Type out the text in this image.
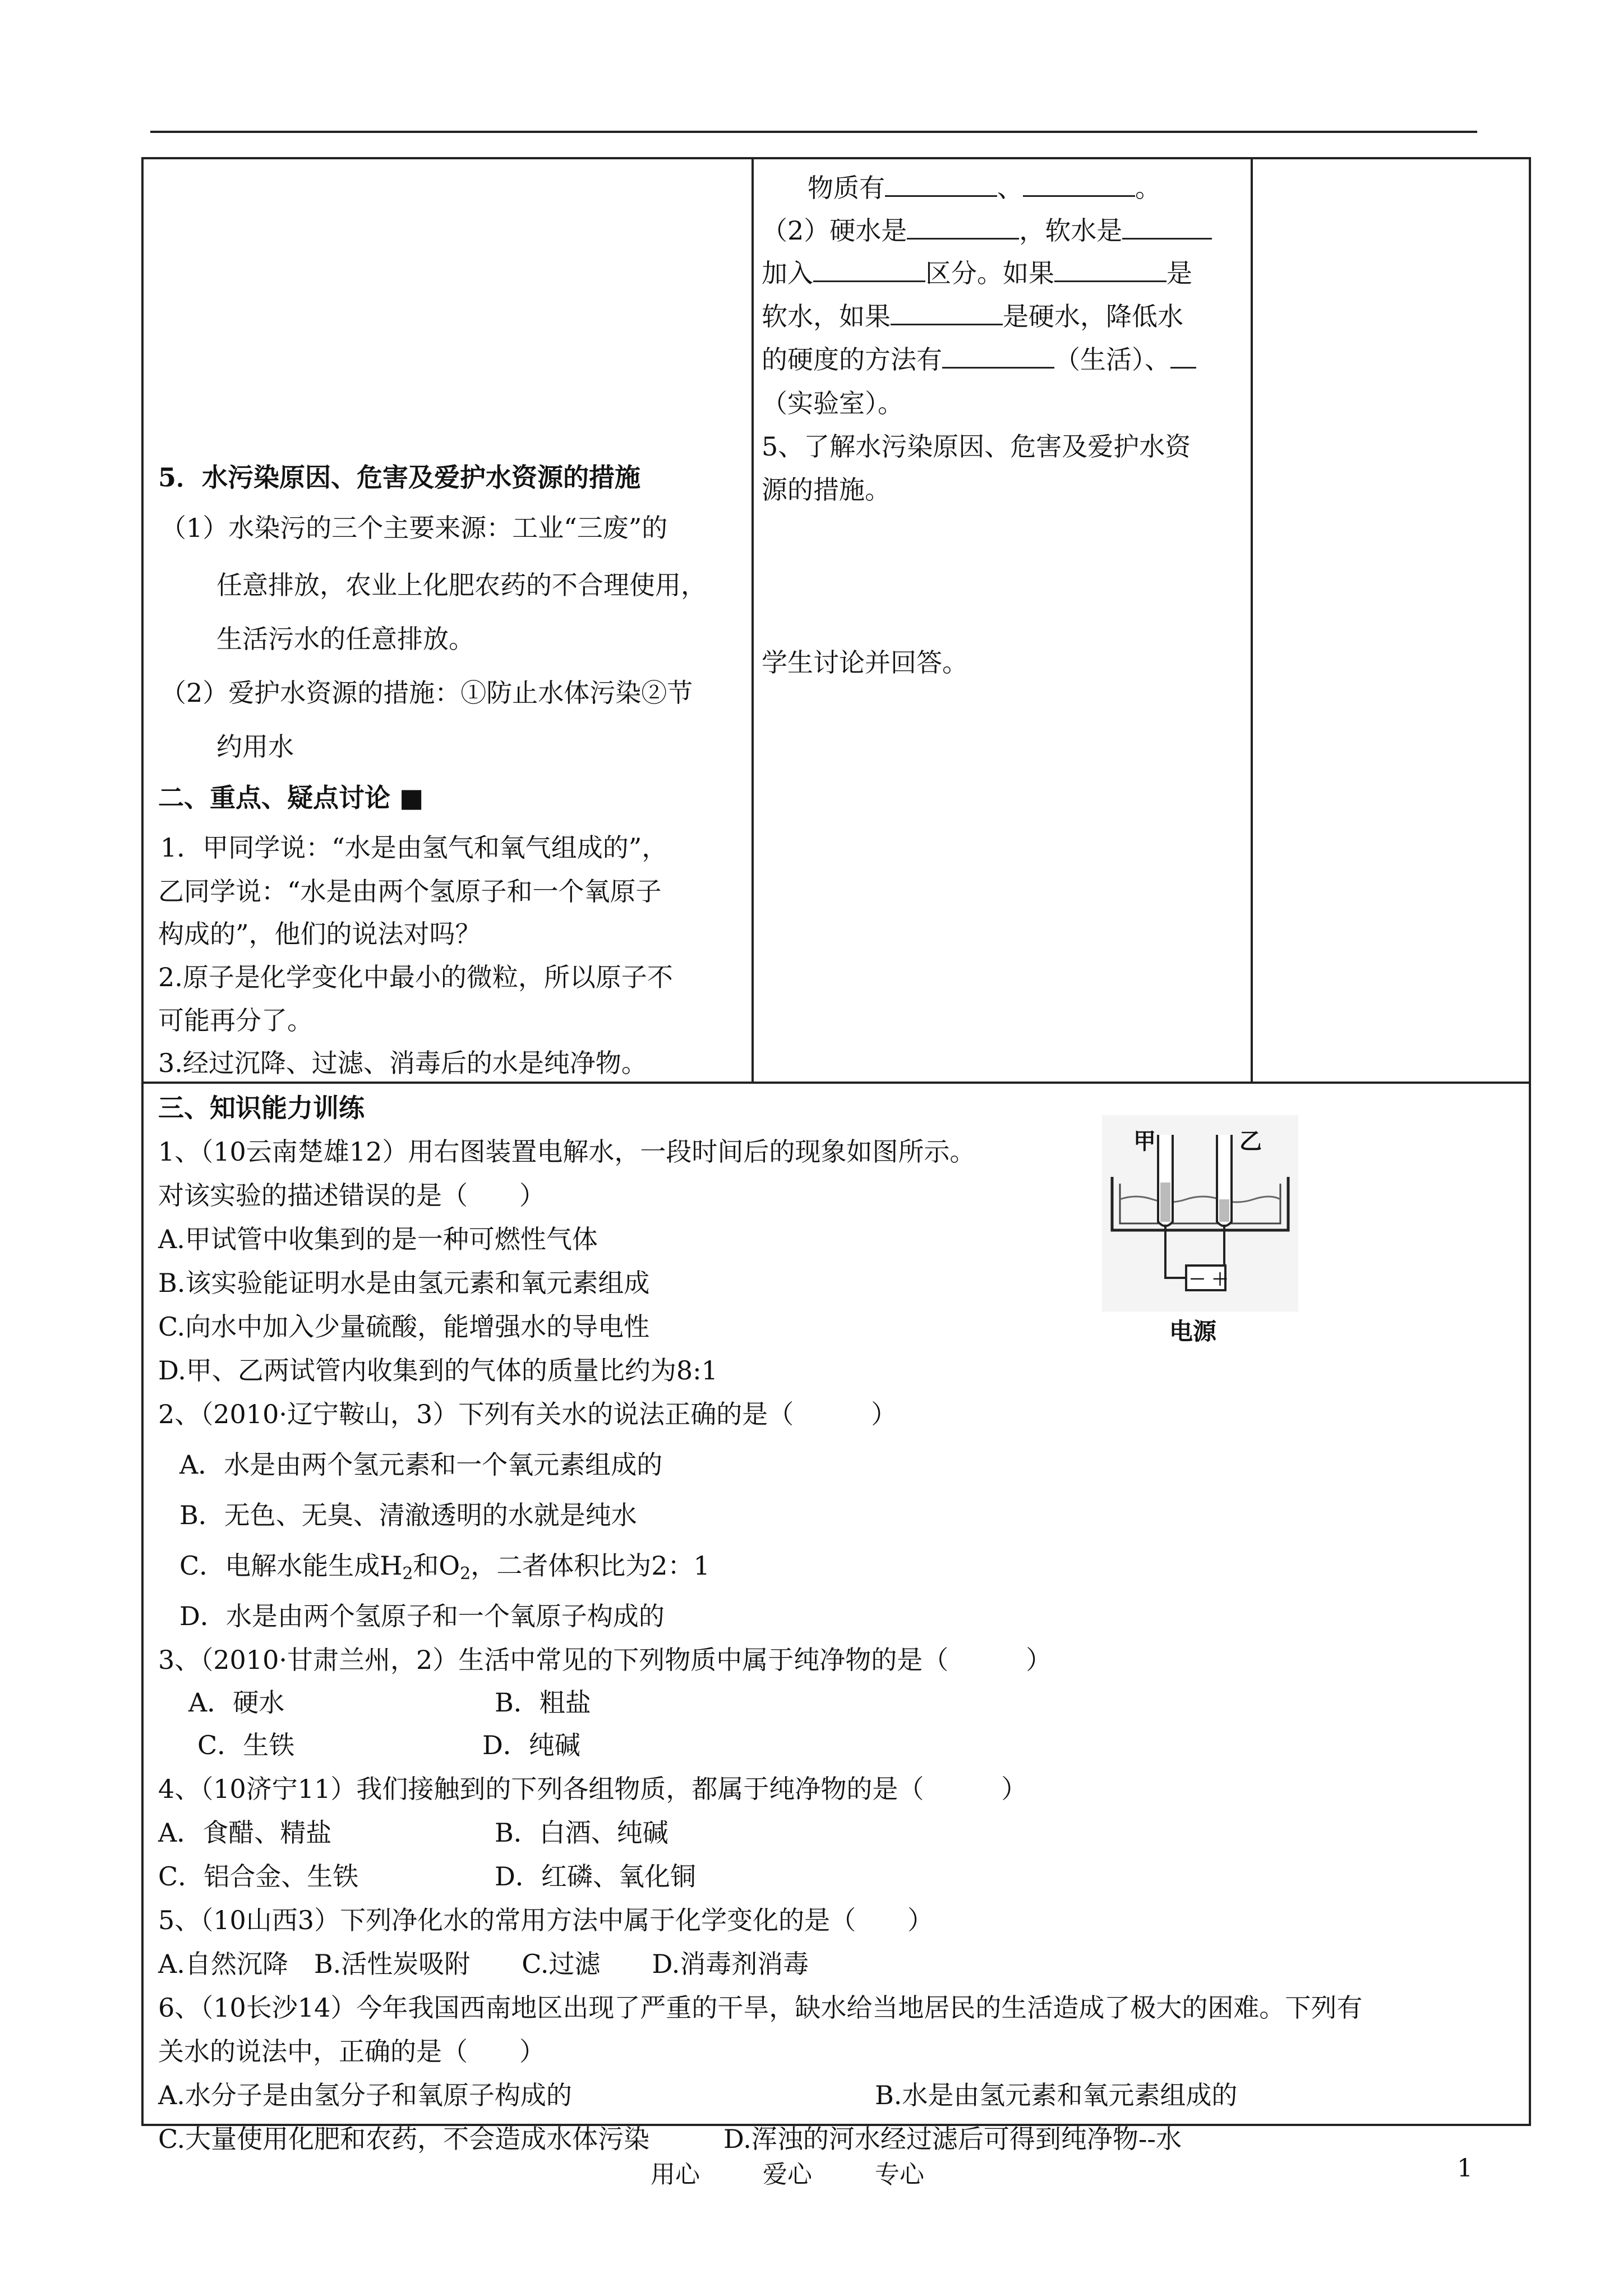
5．水污染原因、危害及爱护水资源的措施
（1）水染污的三个主要来源：工业“三废”的
任意排放，农业上化肥农药的不合理使用，
生活污水的任意排放。
（2）爱护水资源的措施：①防止水体污染②节
约用水
二、重点、疑点讨论 ■
1．甲同学说：“水是由氢气和氧气组成的”，
乙同学说：“水是由两个氢原子和一个氧原子
构成的”，他们的说法对吗？
2.原子是化学变化中最小的微粒，所以原子不
可能再分了。
3.经过沉降、过滤、消毒后的水是纯净物。
物质有	、	。
（2）硬水是	，软水是
加入	区分。如果	是
软水，如果	是硬水，降低水
的硬度的方法有	（生活）、
（实验室）。
5、了解水污染原因、危害及爱护水资
源的措施。
学生讨论并回答。
三、知识能力训练
1、（10云南楚雄12）用右图装置电解水，一段时间后的现象如图所示。
对该实验的描述错误的是（　　）
A.甲试管中收集到的是一种可燃性气体
B.该实验能证明水是由氢元素和氧元素组成
C.向水中加入少量硫酸，能增强水的导电性
D.甲、乙两试管内收集到的气体的质量比约为8:1
甲	乙
－ ＋
电源
2、（2010·辽宁鞍山，3）下列有关水的说法正确的是（　　　）
A．水是由两个氢元素和一个氧元素组成的
B．无色、无臭、清澈透明的水就是纯水
C．电解水能生成$H_2$和$O_2$，二者体积比为2：1
D．水是由两个氢原子和一个氧原子构成的
3、（2010·甘肃兰州，2）生活中常见的下列物质中属于纯净物的是（　　　）
A．硬水	B．粗盐
C．生铁	D．纯碱
4、（10济宁11）我们接触到的下列各组物质，都属于纯净物的是（　　　）
A．食醋、精盐	B．白酒、纯碱
C．铝合金、生铁	D．红磷、氧化铜
5、（10山西3）下列净化水的常用方法中属于化学变化的是（　　）
A.自然沉降　B.活性炭吸附　　C.过滤　　D.消毒剂消毒
6、（10长沙14）今年我国西南地区出现了严重的干旱，缺水给当地居民的生活造成了极大的困难。下列有
关水的说法中，正确的是（　　）
A.水分子是由氢分子和氧原子构成的	B.水是由氢元素和氧元素组成的
C.大量使用化肥和农药，不会造成水体污染	D.浑浊的河水经过滤后可得到纯净物--水
用心	爱心	专心	1
